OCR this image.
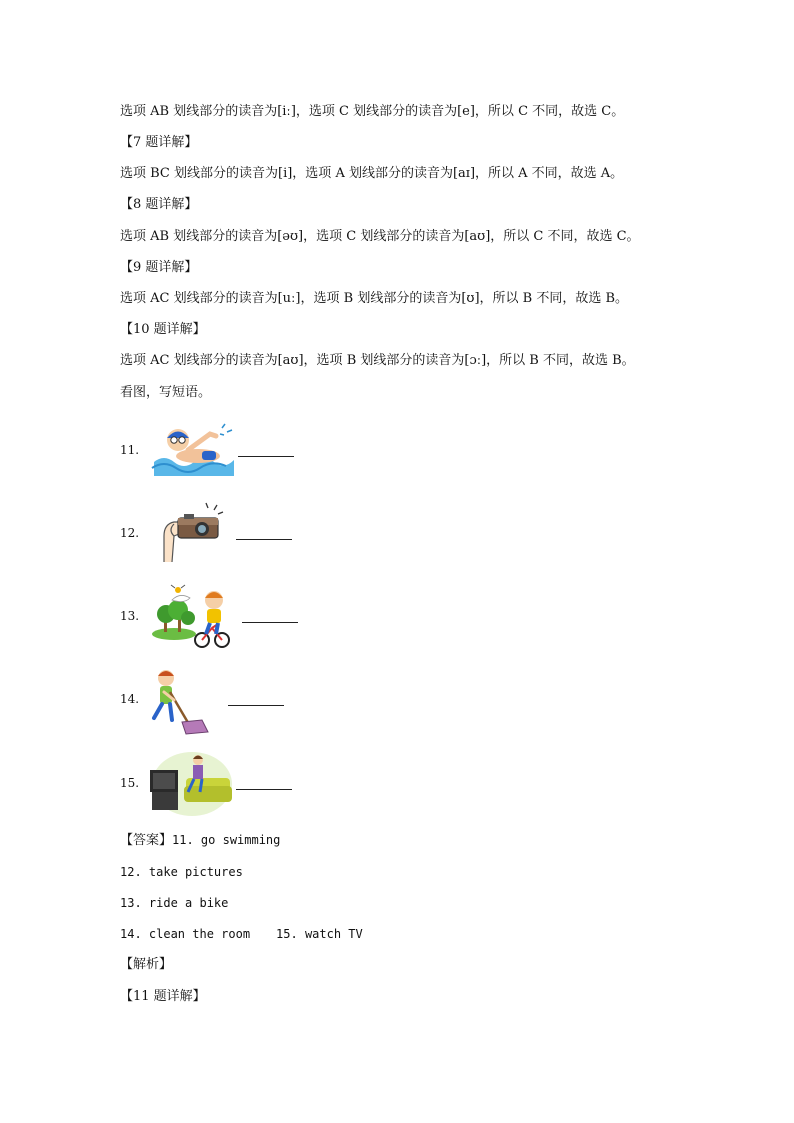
选项 AB 划线部分的读音为[iː]，选项 C 划线部分的读音为[e]，所以 C 不同，故选 C。
【7 题详解】
选项 BC 划线部分的读音为[i]，选项 A 划线部分的读音为[aɪ]，所以 A 不同，故选 A。
【8 题详解】
选项 AB 划线部分的读音为[əʊ]，选项 C 划线部分的读音为[aʊ]，所以 C 不同，故选 C。
【9 题详解】
选项 AC 划线部分的读音为[uː]，选项 B 划线部分的读音为[ʊ]，所以 B 不同，故选 B。
【10 题详解】
选项 AC 划线部分的读音为[aʊ]，选项 B 划线部分的读音为[ɔː]，所以 B 不同，故选 B。
看图，写短语。
11.
12.
13.
14.
15.
【答案】11. go swimming
12. take pictures
13. ride a bike
14. clean the room 15. watch TV
【解析】
【11 题详解】
